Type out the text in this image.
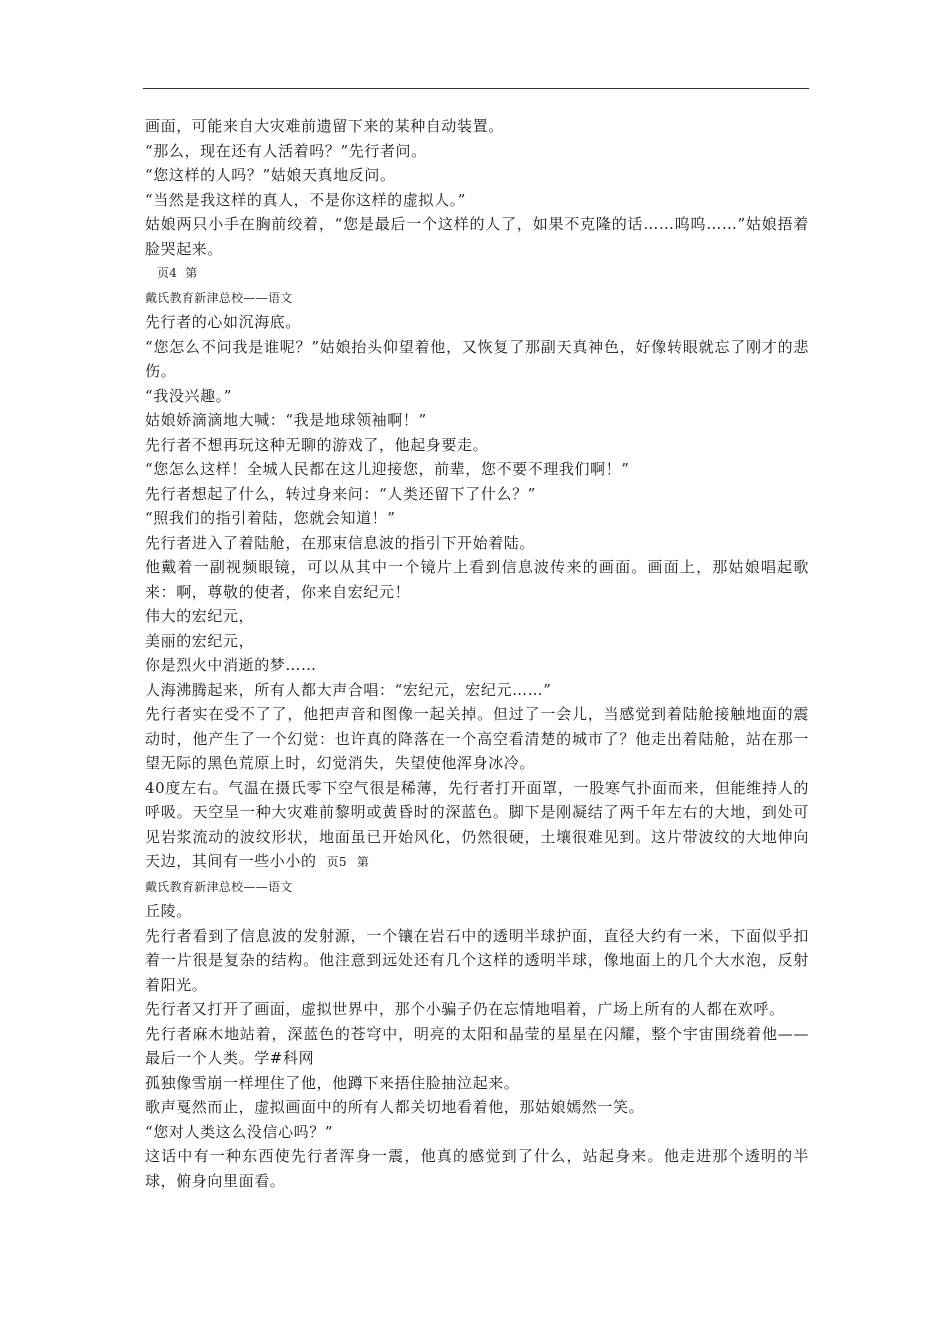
画面，可能来自大灾难前遗留下来的某种自动装置。

“那么，现在还有人活着吗？”先行者问。

“您这样的人吗？”姑娘天真地反问。

“当然是我这样的真人，不是你这样的虚拟人。”

姑娘两只小手在胸前绞着，“您是最后一个这样的人了，如果不克隆的话……呜呜……”姑娘捂着脸哭起来。

页4 第

戴氏教育新津总校——语文

先行者的心如沉海底。

“您怎么不问我是谁呢？”姑娘抬头仰望着他，又恢复了那副天真神色，好像转眼就忘了刚才的悲伤。

“我没兴趣。”

姑娘娇滴滴地大喊：“我是地球领袖啊！”

先行者不想再玩这种无聊的游戏了，他起身要走。

“您怎么这样！全城人民都在这儿迎接您，前辈，您不要不理我们啊！”

先行者想起了什么，转过身来问：“人类还留下了什么？”

“照我们的指引着陆，您就会知道！”

先行者进入了着陆舱，在那束信息波的指引下开始着陆。

他戴着一副视频眼镜，可以从其中一个镜片上看到信息波传来的画面。画面上，那姑娘唱起歌来：啊，尊敬的使者，你来自宏纪元！

伟大的宏纪元，

美丽的宏纪元，

你是烈火中消逝的梦……

人海沸腾起来，所有人都大声合唱：“宏纪元，宏纪元……”

先行者实在受不了了，他把声音和图像一起关掉。但过了一会儿，当感觉到着陆舱接触地面的震动时，他产生了一个幻觉：也许真的降落在一个高空看清楚的城市了？他走出着陆舱，站在那一望无际的黑色荒原上时，幻觉消失，失望使他浑身冰冷。

40度左右。气温在摄氏零下空气很是稀薄，先行者打开面罩，一股寒气扑面而来，但能维持人的呼吸。天空呈一种大灾难前黎明或黄昏时的深蓝色。脚下是刚凝结了两千年左右的大地，到处可见岩浆流动的波纹形状，地面虽已开始风化，仍然很硬，土壤很难见到。这片带波纹的大地伸向天边，其间有一些小小的 页5 第

戴氏教育新津总校——语文

丘陵。

先行者看到了信息波的发射源，一个镶在岩石中的透明半球护面，直径大约有一米，下面似乎扣着一片很是复杂的结构。他注意到远处还有几个这样的透明半球，像地面上的几个大水泡，反射着阳光。

先行者又打开了画面，虚拟世界中，那个小骗子仍在忘情地唱着，广场上所有的人都在欢呼。

先行者麻木地站着，深蓝色的苍穹中，明亮的太阳和晶莹的星星在闪耀，整个宇宙围绕着他——最后一个人类。学#科网

孤独像雪崩一样埋住了他，他蹲下来捂住脸抽泣起来。

歌声戛然而止，虚拟画面中的所有人都关切地看着他，那姑娘嫣然一笑。

“您对人类这么没信心吗？”

这话中有一种东西使先行者浑身一震，他真的感觉到了什么，站起身来。他走进那个透明的半球，俯身向里面看。
